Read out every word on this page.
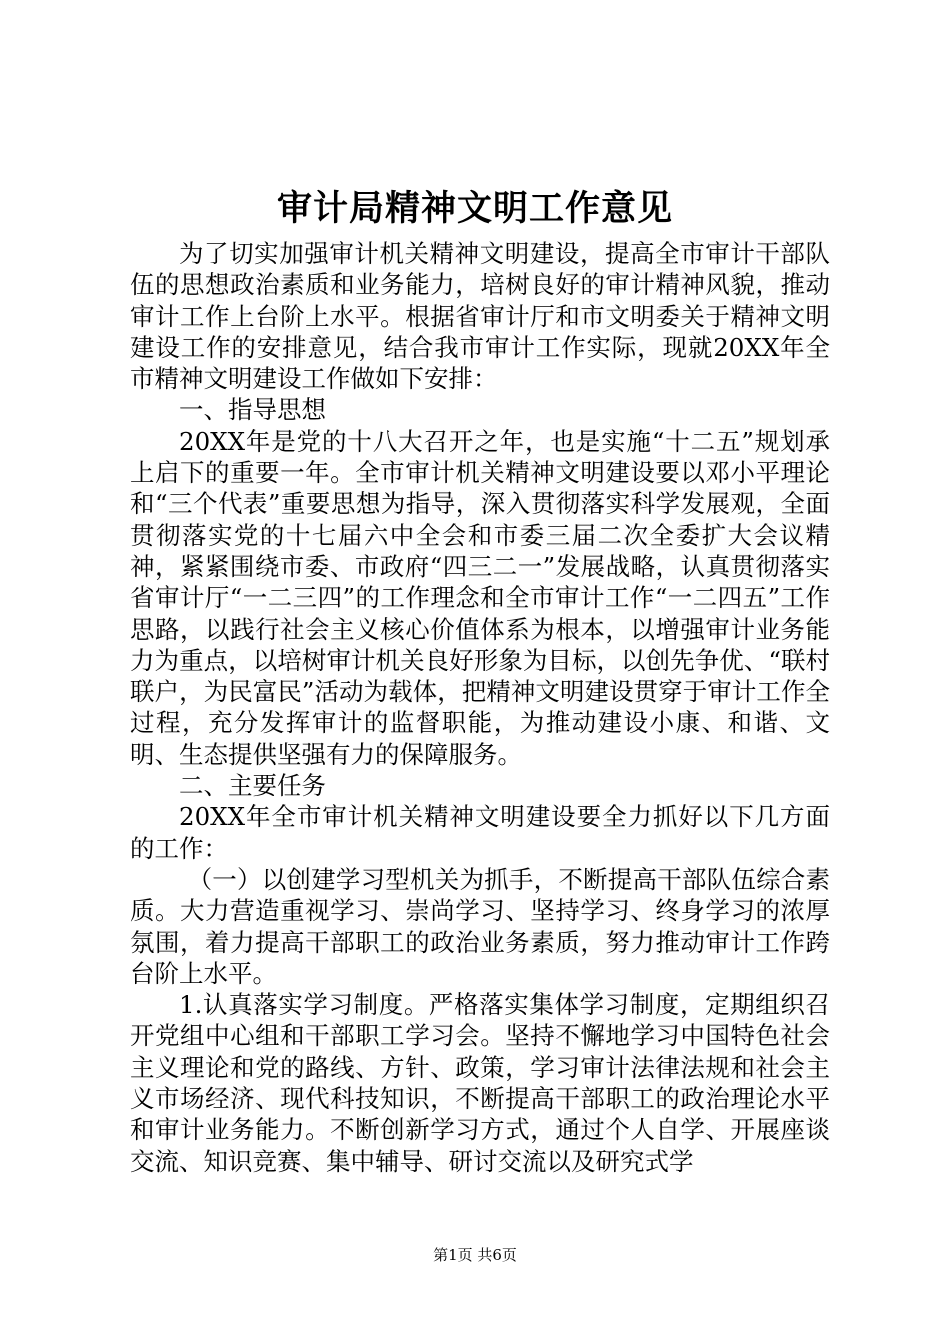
审计局精神文明工作意见

为了切实加强审计机关精神文明建设，提高全市审计干部队伍的思想政治素质和业务能力，培树良好的审计精神风貌，推动审计工作上台阶上水平。根据省审计厅和市文明委关于精神文明建设工作的安排意见，结合我市审计工作实际，现就20XX年全市精神文明建设工作做如下安排：

一、指导思想

20XX年是党的十八大召开之年，也是实施“十二五”规划承上启下的重要一年。全市审计机关精神文明建设要以邓小平理论和“三个代表”重要思想为指导，深入贯彻落实科学发展观，全面贯彻落实党的十七届六中全会和市委三届二次全委扩大会议精神，紧紧围绕市委、市政府“四三二一”发展战略，认真贯彻落实省审计厅“一二三四”的工作理念和全市审计工作“一二四五”工作思路，以践行社会主义核心价值体系为根本，以增强审计业务能力为重点，以培树审计机关良好形象为目标，以创先争优、“联村联户，为民富民”活动为载体，把精神文明建设贯穿于审计工作全过程，充分发挥审计的监督职能，为推动建设小康、和谐、文明、生态提供坚强有力的保障服务。

二、主要任务

20XX年全市审计机关精神文明建设要全力抓好以下几方面的工作：

（一）以创建学习型机关为抓手，不断提高干部队伍综合素质。大力营造重视学习、崇尚学习、坚持学习、终身学习的浓厚氛围，着力提高干部职工的政治业务素质，努力推动审计工作跨台阶上水平。

1.认真落实学习制度。严格落实集体学习制度，定期组织召开党组中心组和干部职工学习会。坚持不懈地学习中国特色社会主义理论和党的路线、方针、政策，学习审计法律法规和社会主义市场经济、现代科技知识，不断提高干部职工的政治理论水平和审计业务能力。不断创新学习方式，通过个人自学、开展座谈交流、知识竞赛、集中辅导、研讨交流以及研究式学

第1页 共6页
